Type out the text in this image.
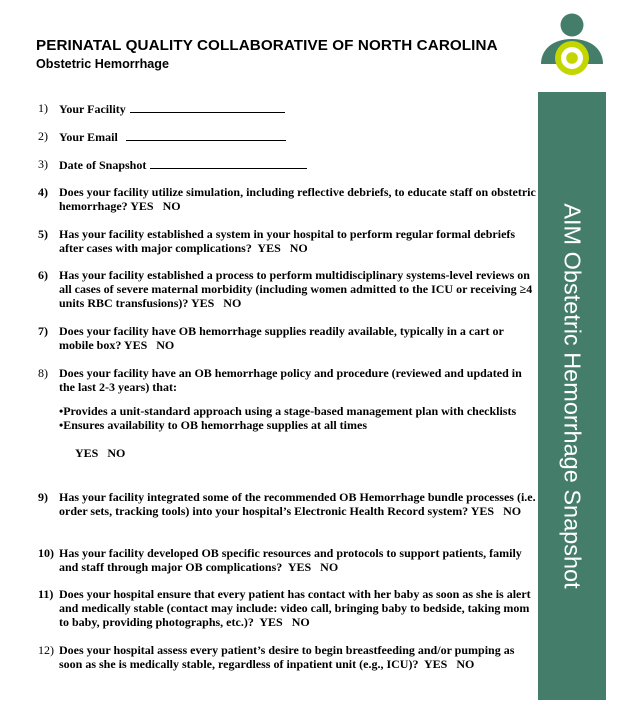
PERINATAL QUALITY COLLABORATIVE OF NORTH CAROLINA
Obstetric Hemorrhage
AIM Obstetric Hemorrhage Snapshot
1) Your Facility
2) Your Email
3) Date of Snapshot
4) Does your facility utilize simulation, including reflective debriefs, to educate staff on obstetric hemorrhage? YES NO
5) Has your facility established a system in your hospital to perform regular formal debriefs after cases with major complications? YES NO
6) Has your facility established a process to perform multidisciplinary systems-level reviews on all cases of severe maternal morbidity (including women admitted to the ICU or receiving ≥4 units RBC transfusions)? YES NO
7) Does your facility have OB hemorrhage supplies readily available, typically in a cart or mobile box? YES NO
8) Does your facility have an OB hemorrhage policy and procedure (reviewed and updated in the last 2-3 years) that:
•Provides a unit-standard approach using a stage-based management plan with checklists
•Ensures availability to OB hemorrhage supplies at all times
YES NO
9) Has your facility integrated some of the recommended OB Hemorrhage bundle processes (i.e. order sets, tracking tools) into your hospital’s Electronic Health Record system? YES NO
10) Has your facility developed OB specific resources and protocols to support patients, family and staff through major OB complications? YES NO
11) Does your hospital ensure that every patient has contact with her baby as soon as she is alert and medically stable (contact may include: video call, bringing baby to bedside, taking mom to baby, providing photographs, etc.)? YES NO
12) Does your hospital assess every patient’s desire to begin breastfeeding and/or pumping as soon as she is medically stable, regardless of inpatient unit (e.g., ICU)? YES NO
